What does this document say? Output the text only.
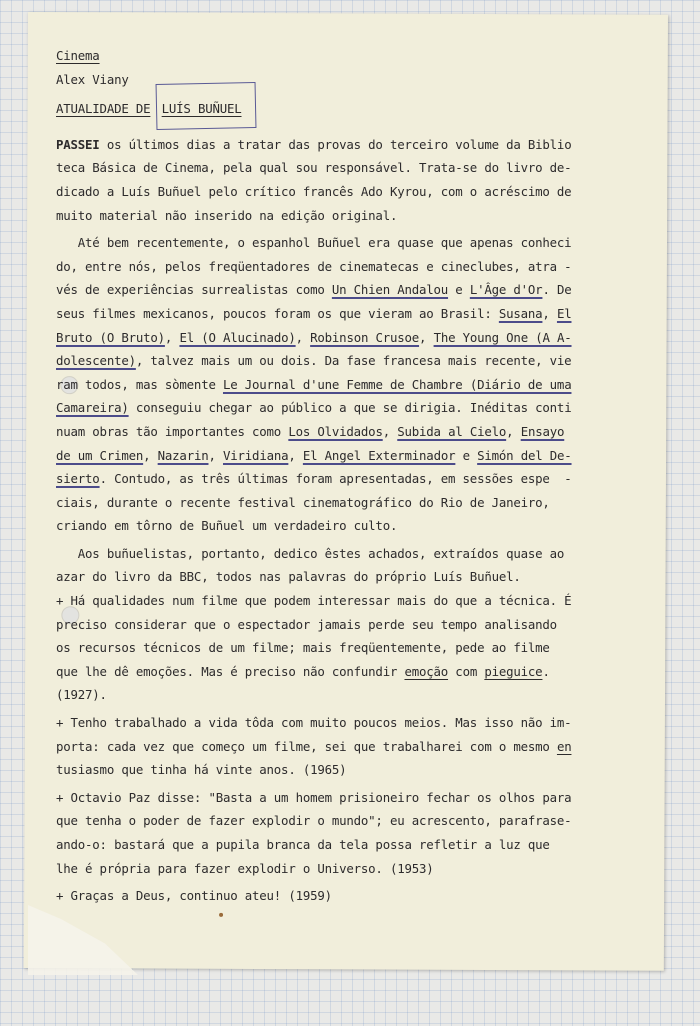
Cinema
Alex Viany
ATUALIDADE DE LUÍS BUÑUEL
PASSEI os últimos dias a tratar das provas do terceiro volume da Biblio
teca Básica de Cinema, pela qual sou responsável. Trata-se do livro de-
dicado a Luís Buñuel pelo crítico francês Ado Kyrou, com o acréscimo de
muito material não inserido na edição original.
Até bem recentemente, o espanhol Buñuel era quase que apenas conheci
do, entre nós, pelos freqüentadores de cinematecas e cineclubes, atra -
vés de experiências surrealistas como Un Chien Andalou e L'Âge d'Or. De
seus filmes mexicanos, poucos foram os que vieram ao Brasil: Susana, El
Bruto (O Bruto), El (O Alucinado), Robinson Crusoe, The Young One (A A-
dolescente), talvez mais um ou dois. Da fase francesa mais recente, vie
ram todos, mas sòmente Le Journal d'une Femme de Chambre (Diário de uma
Camareira) conseguiu chegar ao público a que se dirigia. Inéditas conti
nuam obras tão importantes como Los Olvidados, Subida al Cielo, Ensayo
de um Crimen, Nazarin, Viridiana, El Angel Exterminador e Simón del De-
sierto. Contudo, as três últimas foram apresentadas, em sessões espe  -
ciais, durante o recente festival cinematográfico do Rio de Janeiro,
criando em tôrno de Buñuel um verdadeiro culto.
Aos buñuelistas, portanto, dedico êstes achados, extraídos quase ao
azar do livro da BBC, todos nas palavras do próprio Luís Buñuel.
+ Há qualidades num filme que podem interessar mais do que a técnica. É
preciso considerar que o espectador jamais perde seu tempo analisando
os recursos técnicos de um filme; mais freqüentemente, pede ao filme
que lhe dê emoções. Mas é preciso não confundir emoção com pieguice.
(1927).
+ Tenho trabalhado a vida tôda com muito poucos meios. Mas isso não im-
porta: cada vez que começo um filme, sei que trabalharei com o mesmo en
tusiasmo que tinha há vinte anos. (1965)
+ Octavio Paz disse: "Basta a um homem prisioneiro fechar os olhos para
que tenha o poder de fazer explodir o mundo"; eu acrescento, parafrase-
ando-o: bastará que a pupila branca da tela possa refletir a luz que
lhe é própria para fazer explodir o Universo. (1953)
+ Graças a Deus, continuo ateu! (1959)
